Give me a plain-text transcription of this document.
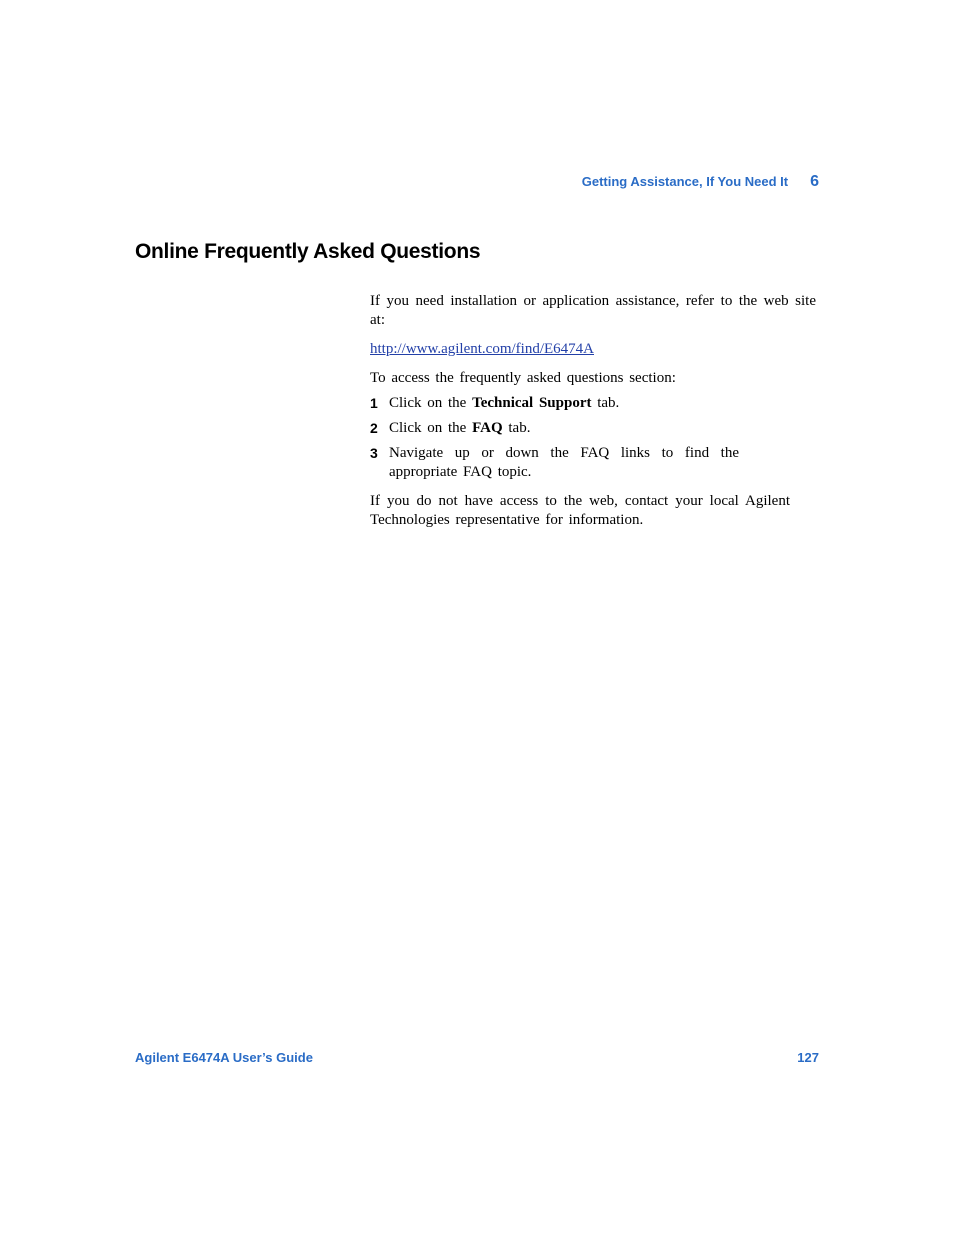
Getting Assistance, If You Need It 6
Online Frequently Asked Questions

If you need installation or application assistance, refer to the web site at:

http://www.agilent.com/find/E6474A

To access the frequently asked questions section:

1 Click on the Technical Support tab.
2 Click on the FAQ tab.
3 Navigate up or down the FAQ links to find the appropriate FAQ topic.

If you do not have access to the web, contact your local Agilent Technologies representative for information.

Agilent E6474A User’s Guide	127
